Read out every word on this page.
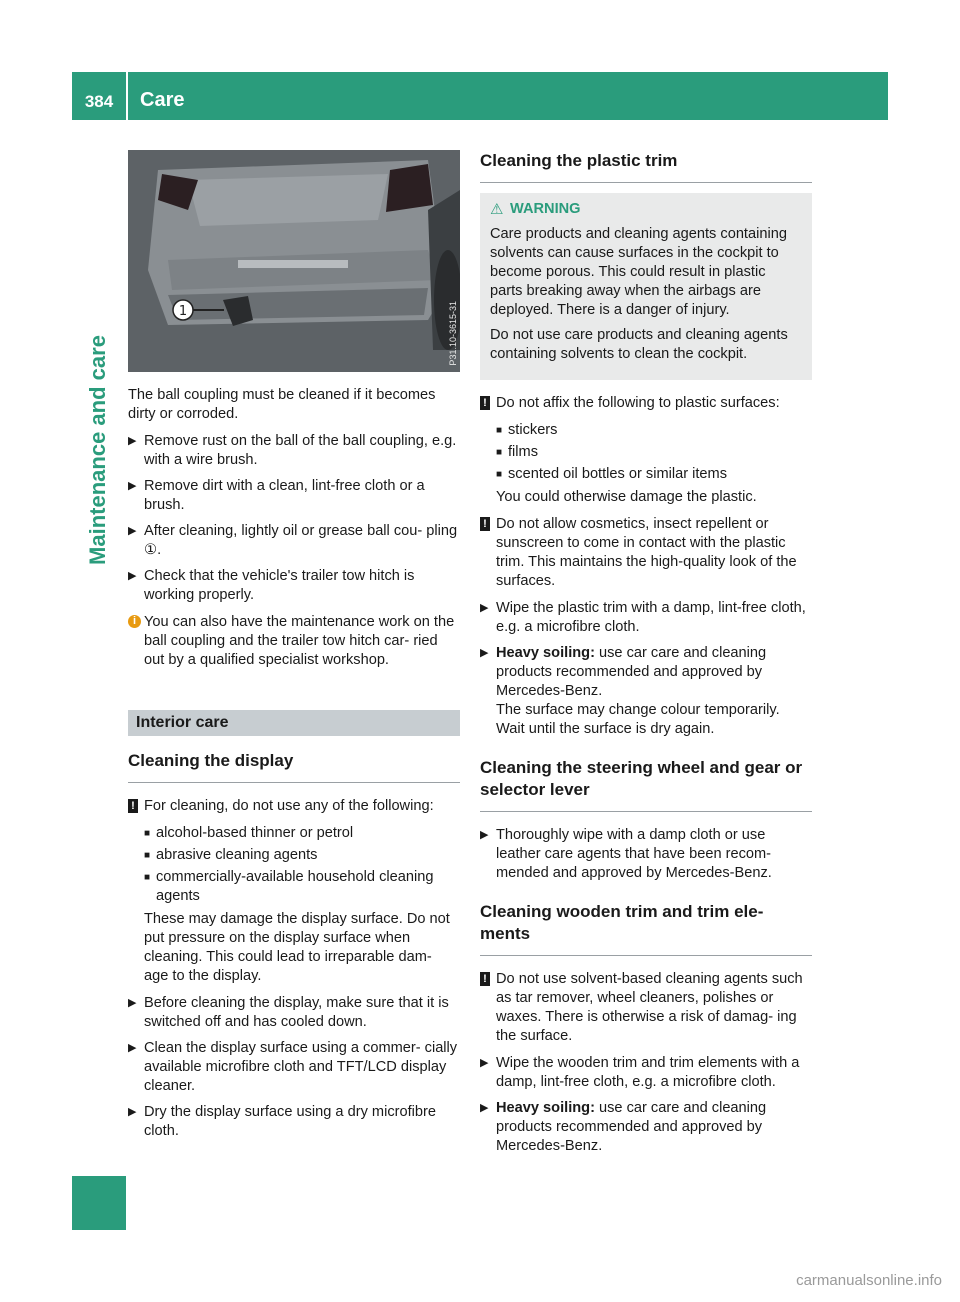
384	Care
Maintenance and care
1	P31.10-3615-31

The ball coupling must be cleaned if it becomes dirty or corroded.

▶ Remove rust on the ball of the ball coupling, e.g. with a wire brush.
▶ Remove dirt with a clean, lint-free cloth or a brush.
▶ After cleaning, lightly oil or grease ball cou- pling ①.
▶ Check that the vehicle's trailer tow hitch is working properly.
i You can also have the maintenance work on the ball coupling and the trailer tow hitch car- ried out by a qualified specialist workshop.
Interior care
Cleaning the display
! For cleaning, do not use any of the following:
■ alcohol-based thinner or petrol
■ abrasive cleaning agents
■ commercially-available household cleaning agents

These may damage the display surface. Do not put pressure on the display surface when cleaning. This could lead to irreparable dam- age to the display.

▶ Before cleaning the display, make sure that it is switched off and has cooled down.
▶ Clean the display surface using a commer- cially available microfibre cloth and TFT/LCD display cleaner.
▶ Dry the display surface using a dry microfibre cloth.
Cleaning the plastic trim
⚠ WARNING

Care products and cleaning agents containing solvents can cause surfaces in the cockpit to become porous. This could result in plastic parts breaking away when the airbags are deployed. There is a danger of injury.

Do not use care products and cleaning agents containing solvents to clean the cockpit.

! Do not affix the following to plastic surfaces:
■ stickers
■ films
■ scented oil bottles or similar items

You could otherwise damage the plastic.

! Do not allow cosmetics, insect repellent or sunscreen to come in contact with the plastic trim. This maintains the high-quality look of the surfaces.
▶ Wipe the plastic trim with a damp, lint-free cloth, e.g. a microfibre cloth.
▶ Heavy soiling: use car care and cleaning products recommended and approved by Mercedes-Benz.
The surface may change colour temporarily. Wait until the surface is dry again.
Cleaning the steering wheel and gear or selector lever
▶ Thoroughly wipe with a damp cloth or use leather care agents that have been recom- mended and approved by Mercedes-Benz.
Cleaning wooden trim and trim ele- ments
! Do not use solvent-based cleaning agents such as tar remover, wheel cleaners, polishes or waxes. There is otherwise a risk of damag- ing the surface.
▶ Wipe the wooden trim and trim elements with a damp, lint-free cloth, e.g. a microfibre cloth.
▶ Heavy soiling: use car care and cleaning products recommended and approved by Mercedes-Benz.
carmanualsonline.info
